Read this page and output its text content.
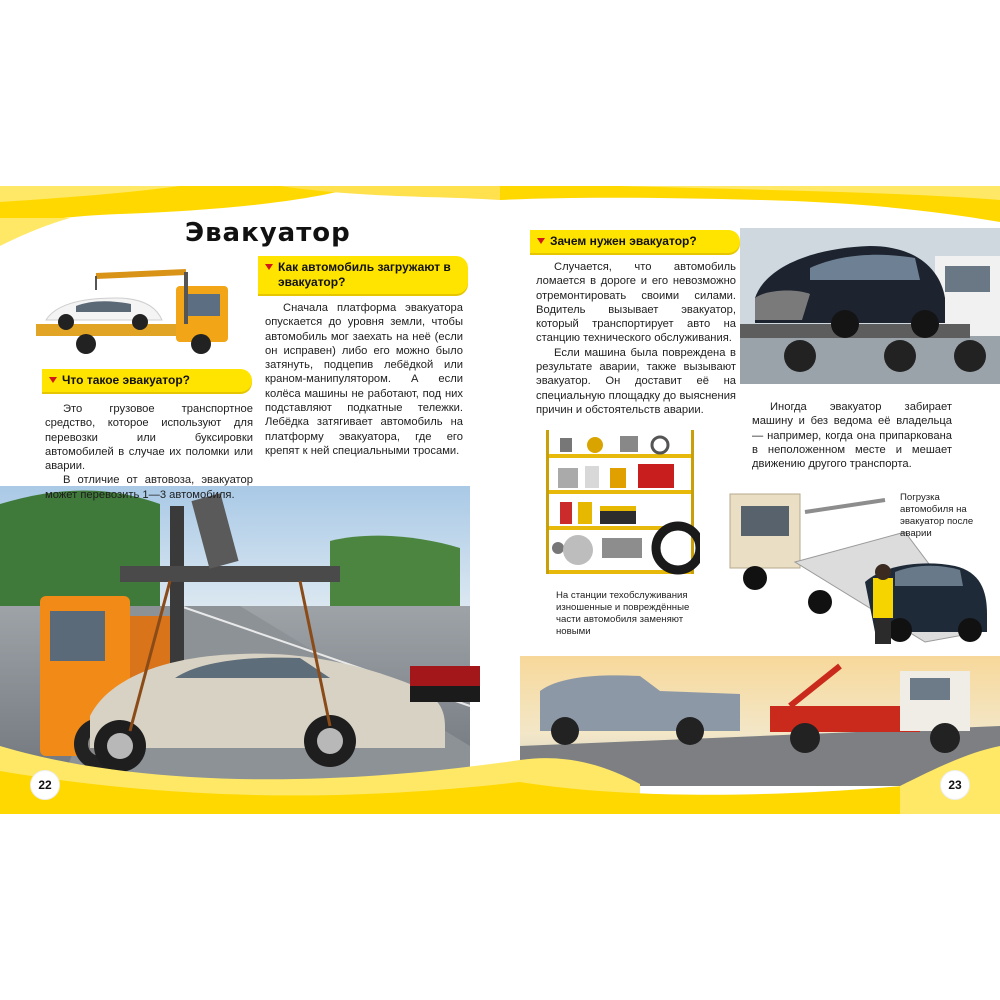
Эвакуатор
Что такое эвакуатор?

Это грузовое транспортное средство, которое используют для перевозки или буксировки автомобилей в случае их поломки или аварии.

В отличие от автовоза, эвакуатор может перевозить 1—3 автомобиля.

Как автомобиль загружают в эвакуатор?

Сначала платформа эвакуатора опускается до уровня земли, чтобы автомобиль мог заехать на неё (если он исправен) либо его можно было затянуть, подцепив лебёдкой или краном-манипулятором. А если колёса машины не работают, под них подставляют подкатные тележки. Лебёдка затягивает автомобиль на платформу эвакуатора, где его крепят к ней специальными тросами.

Зачем нужен эвакуатор?

Случается, что автомобиль ломается в дороге и его невозможно отремонтировать своими силами. Водитель вызывает эвакуатор, который транспортирует авто на станцию технического обслуживания.

Если машина была повреждена в результате аварии, также вызывают эвакуатор. Он доставит её на специальную площадку до выяснения причин и обстоятельств аварии.	Иногда эвакуатор забирает машину и без ведома её владельца — например, когда она припаркована в неположенном месте и мешает движению другого транспорта.

На станции техобслуживания изношенные и повреждённые части автомобиля заменяют новыми
Погрузка автомобиля на эвакуатор после аварии
22	23
